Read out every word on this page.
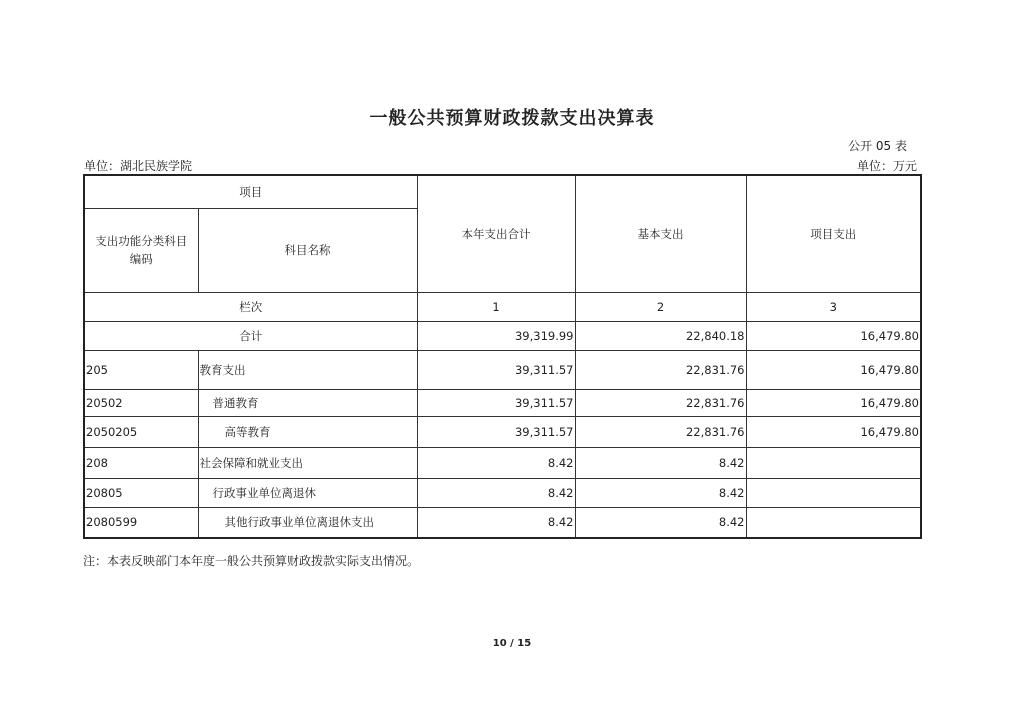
一般公共预算财政拨款支出决算表
公开 05 表
单位：湖北民族学院	单位：万元
项目		本年支出合计	基本支出	项目支出
支出功能分类科目编码	科目名称			
栏次		1	2	3
合计		39,319.99	22,840.18	16,479.80
205	教育支出	39,311.57	22,831.76	16,479.80
20502	普通教育	39,311.57	22,831.76	16,479.80
2050205	高等教育	39,311.57	22,831.76	16,479.80
208	社会保障和就业支出	8.42	8.42	
20805	行政事业单位离退休	8.42	8.42	
2080599	其他行政事业单位离退休支出	8.42	8.42	
注：本表反映部门本年度一般公共预算财政拨款实际支出情况。
10 / 15
